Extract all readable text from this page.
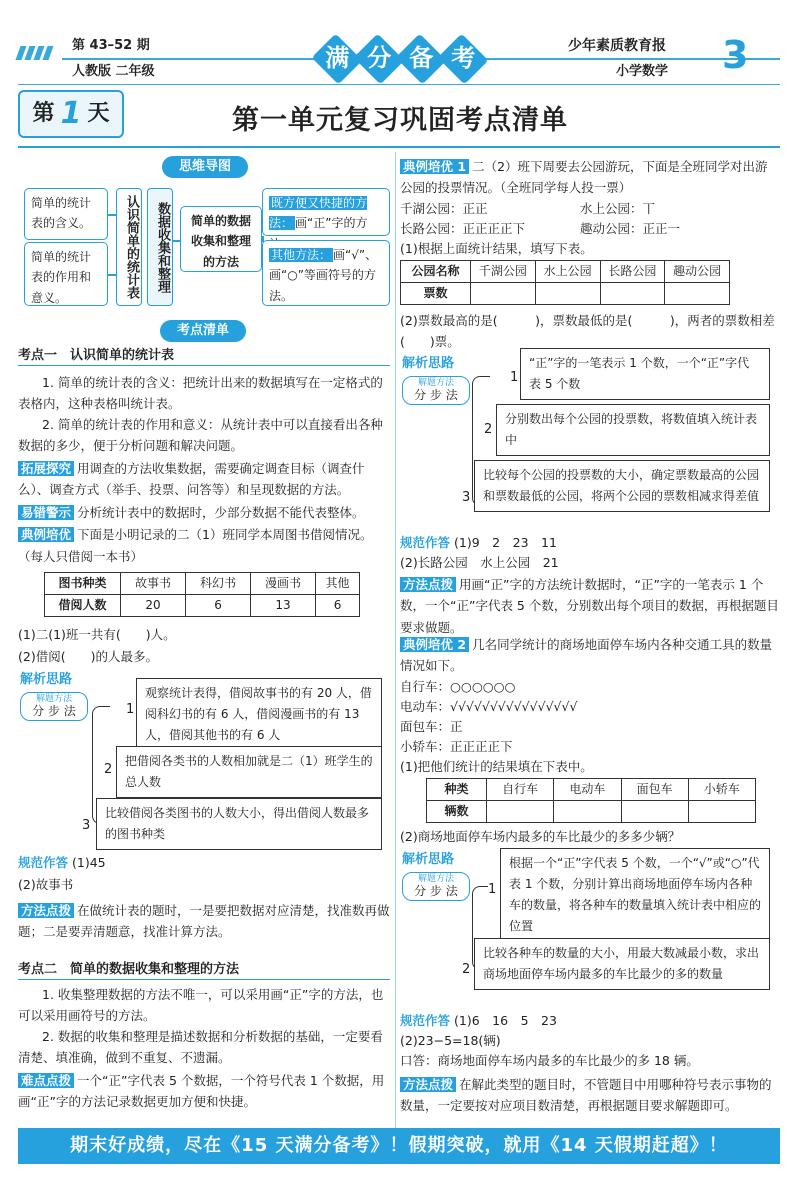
第 43–52 期
人教版 二年级	满 分 备 考	少年素质教育报
小学数学 3
第 1 天	第一单元复习巩固考点清单
思维导图
简单的统计表的含义。
简单的统计表的作用和意义。	认识简单的统计表	数据收集和整理	简单的数据收集和整理的方法
既方便又快捷的方法： 画“正”字的方
其他方法： 画“√”、画“○”等画符号的方法。
考点清单
考点一　认识简单的统计表
1. 简单的统计表的含义：把统计出来的数据填写在一定格式的表格内，这种表格叫统计表。
2. 简单的统计表的作用和意义：从统计表中可以直接看出各种数据的多少，便于分析问题和解决问题。
拓展探究 用调查的方法收集数据，需要确定调查目标（调查什么）、调查方式（举手、投票、问答等）和呈现数据的方法。
易错警示 分析统计表中的数据时，少部分数据不能代表整体。
典例培优 下面是小明记录的二（1）班同学本周图书借阅情况。
（每人只借阅一本书）
图书种类	故事书	科幻书	漫画书	其他
借阅人数	20	6	13	6
(1)二(1)班一共有(　　)人。
(2)借阅(　　)的人最多。
解析思路
解题方法
分 步 法	1
观察统计表得，借阅故事书的有 20 人，借阅科幻书的有 6 人，借阅漫画书的有 13 人，借阅其他书的有 6 人
2
把借阅各类书的人数相加就是二（1）班学生的总人数
3
比较借阅各类图书的人数大小，得出借阅人数最多的图书种类
规范作答 (1)45
(2)故事书
方法点拨 在做统计表的题时，一是要把数据对应清楚，找准数再做题；二是要弄清题意，找准计算方法。
考点二　简单的数据收集和整理的方法
1. 收集整理数据的方法不唯一，可以采用画“正”字的方法，也可以采用画符号的方法。
2. 数据的收集和整理是描述数据和分析数据的基础，一定要看清楚、填准确，做到不重复、不遗漏。
难点点拨 一个“正”字代表 5 个数据，一个符号代表 1 个数据，用画“正”字的方法记录数据更加方便和快捷。
典例培优 1 二（2）班下周要去公园游玩，下面是全班同学对出游公园的投票情况。（全班同学每人投一票）
千湖公园：正正	水上公园：丅
长路公园：正正正正下	趣动公园：正正一
(1)根据上面统计结果，填写下表。
公园名称	千湖公园	水上公园	长路公园	趣动公园
票数				
(2)票数最高的是(　　　)，票数最低的是(　　　)，两者的票数相差(　　)票。
解析思路
解题方法
分 步 法
1
“正”字的一笔表示 1 个数，一个“正”字代表 5 个数
2
分别数出每个公园的投票数，将数值填入统计表中
3
比较每个公园的投票数的大小，确定票数最高的公园和票数最低的公园，将两个公园的票数相减求得差值
规范作答 (1)9　2　23　11
(2)长路公园　水上公园　21
方法点拨 用画“正”字的方法统计数据时，“正”字的一笔表示 1 个数，一个“正”字代表 5 个数，分别数出每个项目的数据，再根据题目要求做题。
典例培优 2 几名同学统计的商场地面停车场内各种交通工具的数量情况如下。
自行车：○○○○○○
电动车：√√√√√√√√√√√√√√√√
面包车：正
小轿车：正正正正下
(1)把他们统计的结果填在下表中。
种类	自行车	电动车	面包车	小轿车
辆数				
(2)商场地面停车场内最多的车比最少的多多少辆？
解析思路
解题方法
分 步 法	1
根据一个“正”字代表 5 个数，一个“√”或“○”代表 1 个数，分别计算出商场地面停车场内各种车的数量，将各种车的数量填入统计表中相应的位置
2
比较各种车的数量的大小，用最大数减最小数，求出商场地面停车场内最多的车比最少的多的数量
规范作答 (1)6　16　5　23
(2)23−5=18(辆)
口答：商场地面停车场内最多的车比最少的多 18 辆。
方法点拨 在解此类型的题目时，不管题目中用哪种符号表示事物的数量，一定要按对应项目数清楚，再根据题目要求解题即可。
期末好成绩，尽在《15 天满分备考》！假期突破，就用《14 天假期赶超》！
